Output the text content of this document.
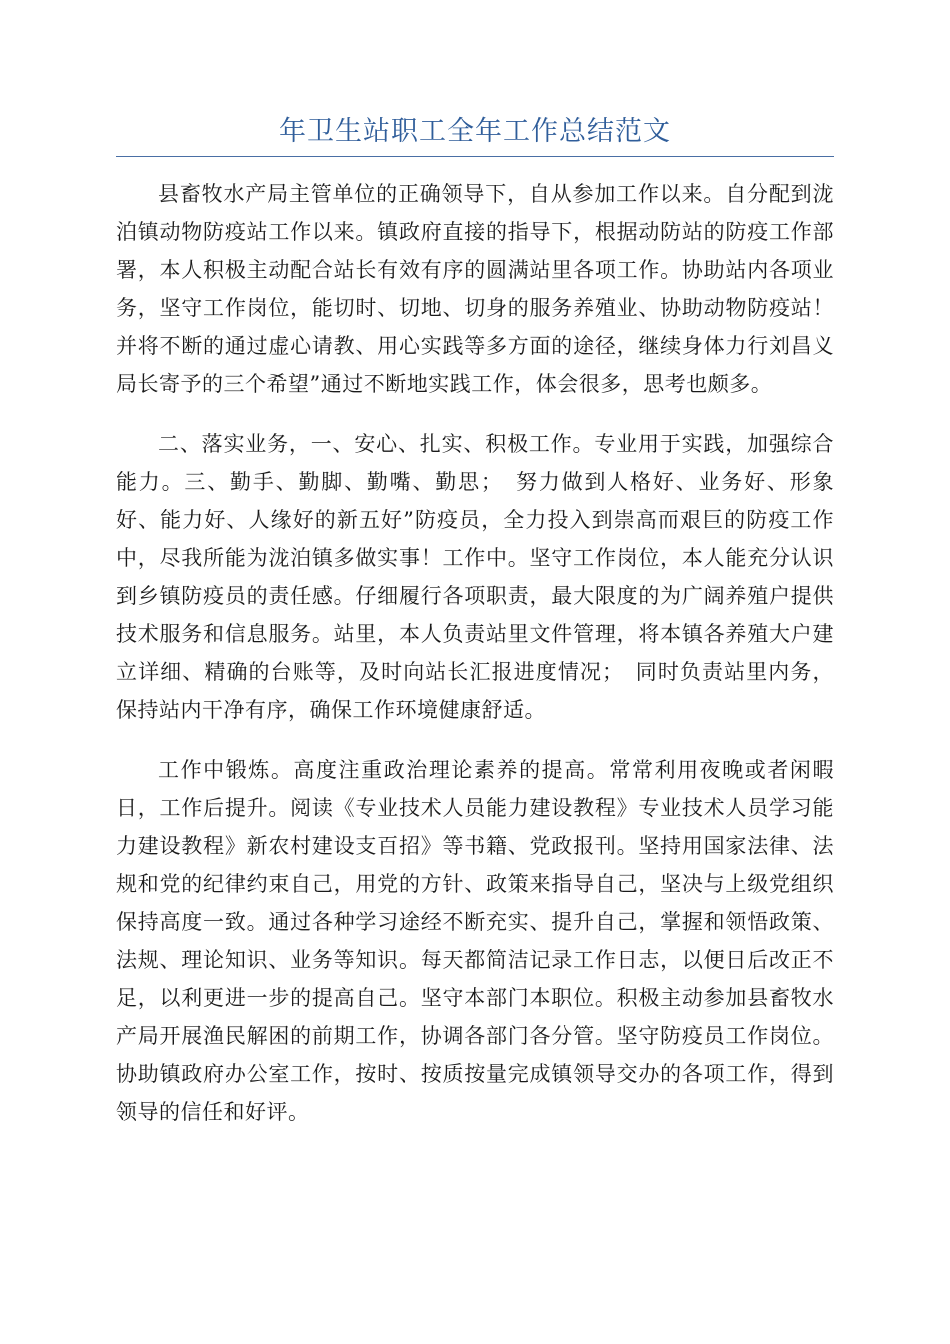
年卫生站职工全年工作总结范文

县畜牧水产局主管单位的正确领导下，自从参加工作以来。自分配到泷泊镇动物防疫站工作以来。镇政府直接的指导下，根据动防站的防疫工作部署，本人积极主动配合站长有效有序的圆满站里各项工作。协助站内各项业务，坚守工作岗位，能切时、切地、切身的服务养殖业、协助动物防疫站！并将不断的通过虚心请教、用心实践等多方面的途径，继续身体力行刘昌义局长寄予的三个希望”通过不断地实践工作，体会很多，思考也颇多。

二、落实业务，一、安心、扎实、积极工作。专业用于实践，加强综合能力。三、勤手、勤脚、勤嘴、勤思；　努力做到人格好、业务好、形象好、能力好、人缘好的新五好”防疫员，全力投入到崇高而艰巨的防疫工作中，尽我所能为泷泊镇多做实事！工作中。坚守工作岗位，本人能充分认识到乡镇防疫员的责任感。仔细履行各项职责，最大限度的为广阔养殖户提供技术服务和信息服务。站里，本人负责站里文件管理，将本镇各养殖大户建立详细、精确的台账等，及时向站长汇报进度情况；　同时负责站里内务，保持站内干净有序，确保工作环境健康舒适。

工作中锻炼。高度注重政治理论素养的提高。常常利用夜晚或者闲暇日，工作后提升。阅读《专业技术人员能力建设教程》专业技术人员学习能力建设教程》新农村建设支百招》等书籍、党政报刊。坚持用国家法律、法规和党的纪律约束自己，用党的方针、政策来指导自己，坚决与上级党组织保持高度一致。通过各种学习途经不断充实、提升自己，掌握和领悟政策、法规、理论知识、业务等知识。每天都简洁记录工作日志，以便日后改正不足，以利更进一步的提高自己。坚守本部门本职位。积极主动参加县畜牧水产局开展渔民解困的前期工作，协调各部门各分管。坚守防疫员工作岗位。协助镇政府办公室工作，按时、按质按量完成镇领导交办的各项工作，得到领导的信任和好评。
